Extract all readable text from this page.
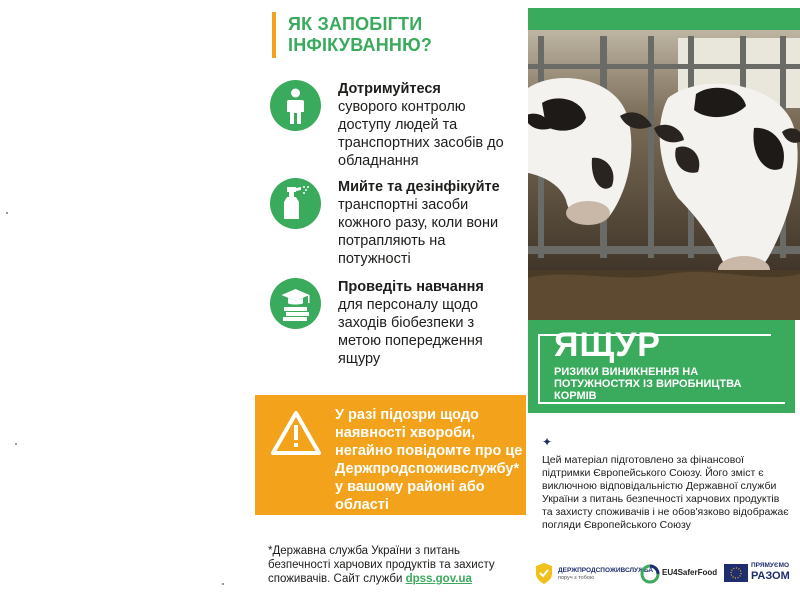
ЯК ЗАПОБІГТИ ІНФІКУВАННЮ?
Дотримуйтеся
суворого контролю доступу людей та транспортних засобів до обладнання
Мийте та дезінфікуйте
транспортні засоби кожного разу, коли вони потрапляють на потужності
Проведіть навчання
для персоналу щодо заходів біобезпеки з метою попередження ящуру
У разі підозри щодо наявності хвороби, негайно повідомте про це Держпродспоживслужбу* у вашому районі або області
*Державна служба України з питань безпечності харчових продуктів та захисту споживачів. Сайт служби dpss.gov.ua
ЯЩУР
РИЗИКИ ВИНИКНЕННЯ НА ПОТУЖНОСТЯХ ІЗ ВИРОБНИЦТВА КОРМІВ
✦
Цей матеріал підготовлено за фінансової підтримки Європейського Союзу. Його зміст є виключною відповідальністю Державної служби України з питань безпечності харчових продуктів та захисту споживачів і не обов'язково відображає погляди Європейського Союзу
ДЕРЖПРОДСПОЖИВСЛУЖБА
поруч з тобою
EU4SaferFood
ПРЯМУЄМО
РАЗОМ
